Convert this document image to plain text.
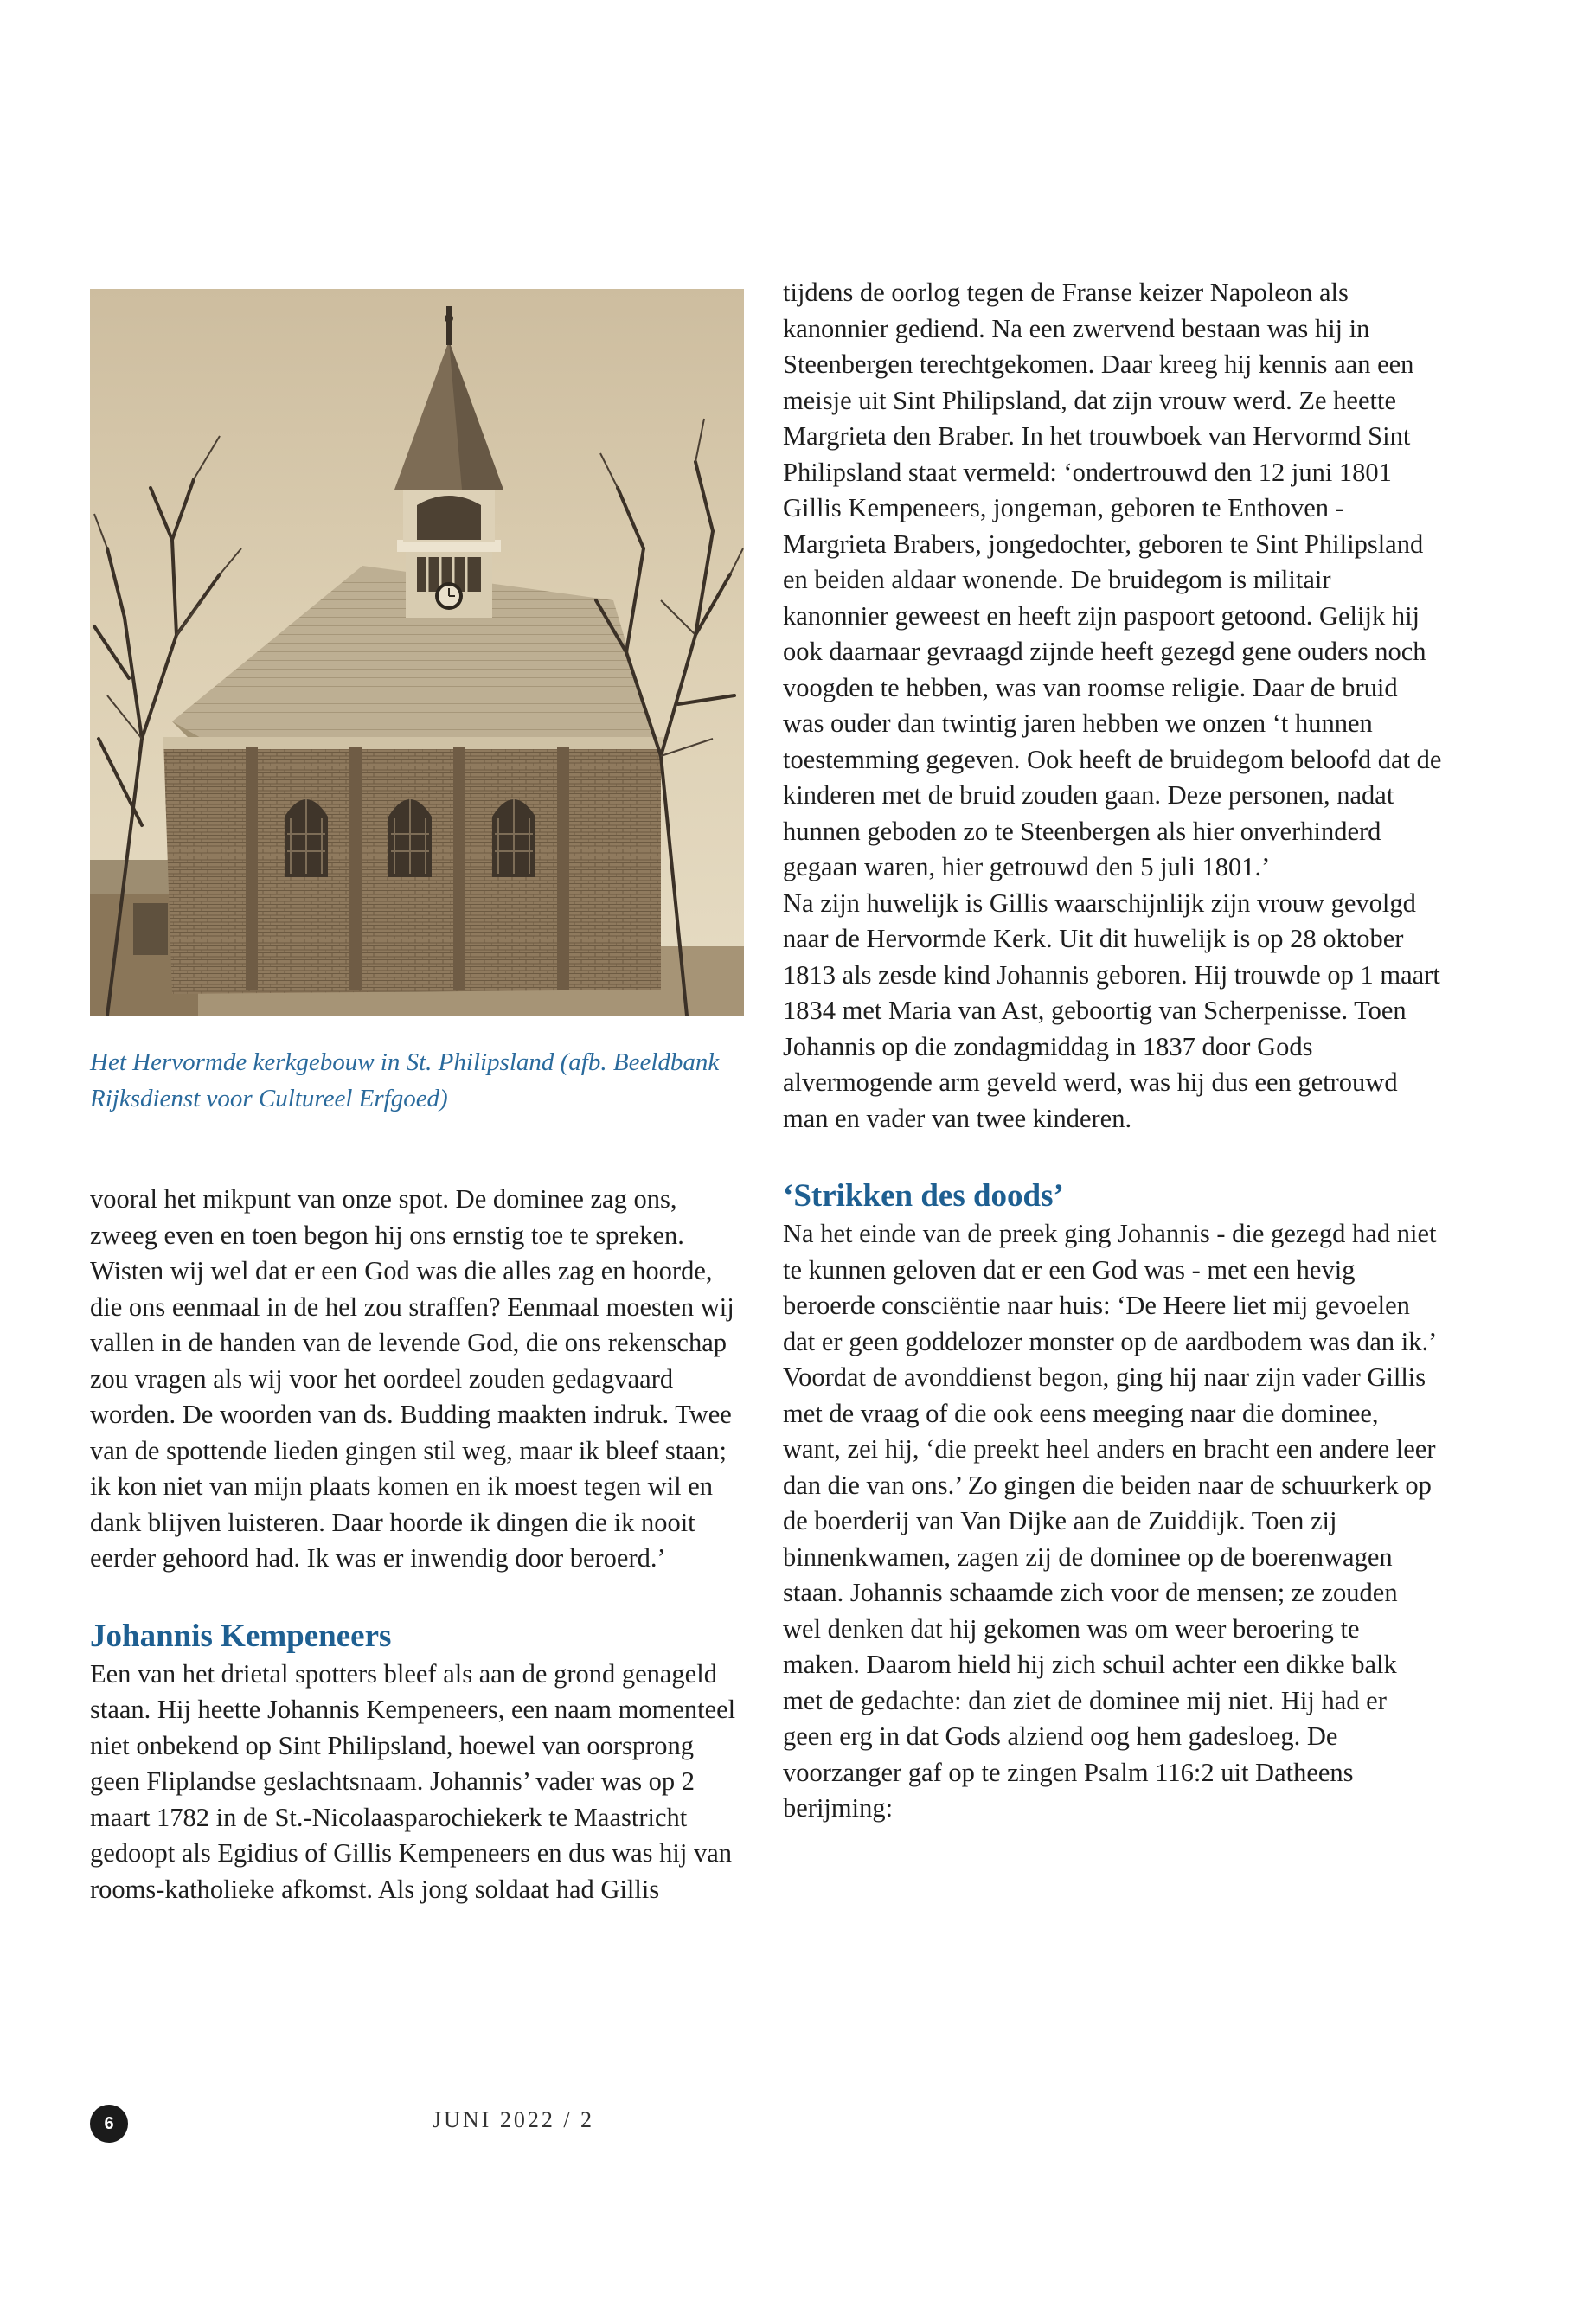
Het Hervormde kerkgebouw in St. Philipsland (afb. Beeldbank Rijksdienst voor Cultureel Erfgoed)

vooral het mikpunt van onze spot. De dominee zag ons, zweeg even en toen begon hij ons ernstig toe te spreken. Wisten wij wel dat er een God was die alles zag en hoorde, die ons eenmaal in de hel zou straffen? Eenmaal moesten wij vallen in de handen van de levende God, die ons rekenschap zou vragen als wij voor het oordeel zouden gedagvaard worden. De woorden van ds. Budding maakten indruk. Twee van de spottende lieden gingen stil weg, maar ik bleef staan; ik kon niet van mijn plaats komen en ik moest tegen wil en dank blijven luisteren. Daar hoorde ik dingen die ik nooit eerder gehoord had. Ik was er inwendig door beroerd.’

Johannis Kempeneers

Een van het drietal spotters bleef als aan de grond genageld staan. Hij heette Johannis Kempeneers, een naam momenteel niet onbekend op Sint Philipsland, hoewel van oorsprong geen Fliplandse geslachtsnaam. Johannis’ vader was op 2 maart 1782 in de St.-Nicolaasparochiekerk te Maastricht gedoopt als Egidius of Gillis Kempeneers en dus was hij van rooms-katholieke afkomst. Als jong soldaat had Gillis

tijdens de oorlog tegen de Franse keizer Napoleon als kanonnier gediend. Na een zwervend bestaan was hij in Steenbergen terechtgekomen. Daar kreeg hij kennis aan een meisje uit Sint Philipsland, dat zijn vrouw werd. Ze heette Margrieta den Braber. In het trouwboek van Hervormd Sint Philipsland staat vermeld: ‘ondertrouwd den 12 juni 1801 Gillis Kempeneers, jongeman, geboren te Enthoven - Margrieta Brabers, jongedochter, geboren te Sint Philipsland en beiden aldaar wonende. De bruidegom is militair kanonnier geweest en heeft zijn paspoort getoond. Gelijk hij ook daarnaar gevraagd zijnde heeft gezegd gene ouders noch voogden te hebben, was van roomse religie. Daar de bruid was ouder dan twintig jaren hebben we onzen ‘t hunnen toestemming gegeven. Ook heeft de bruidegom beloofd dat de kinderen met de bruid zouden gaan. Deze personen, nadat hunnen geboden zo te Steenbergen als hier onverhinderd gegaan waren, hier getrouwd den 5 juli 1801.’

Na zijn huwelijk is Gillis waarschijnlijk zijn vrouw gevolgd naar de Hervormde Kerk. Uit dit huwelijk is op 28 oktober 1813 als zesde kind Johannis geboren. Hij trouwde op 1 maart 1834 met Maria van Ast, geboortig van Scherpenisse. Toen Johannis op die zondagmiddag in 1837 door Gods alvermogende arm geveld werd, was hij dus een getrouwd man en vader van twee kinderen.

‘Strikken des doods’

Na het einde van de preek ging Johannis - die gezegd had niet te kunnen geloven dat er een God was - met een hevig beroerde consciëntie naar huis: ‘De Heere liet mij gevoelen dat er geen goddelozer monster op de aardbodem was dan ik.’

Voordat de avonddienst begon, ging hij naar zijn vader Gillis met de vraag of die ook eens meeging naar die dominee, want, zei hij, ‘die preekt heel anders en bracht een andere leer dan die van ons.’ Zo gingen die beiden naar de schuurkerk op de boerderij van Van Dijke aan de Zuiddijk. Toen zij binnenkwamen, zagen zij de dominee op de boerenwagen staan. Johannis schaamde zich voor de mensen; ze zouden wel denken dat hij gekomen was om weer beroering te maken. Daarom hield hij zich schuil achter een dikke balk met de gedachte: dan ziet de dominee mij niet. Hij had er geen erg in dat Gods alziend oog hem gadesloeg. De voorzanger gaf op te zingen Psalm 116:2 uit Datheens berijming:

6	JUNI 2022 / 2
